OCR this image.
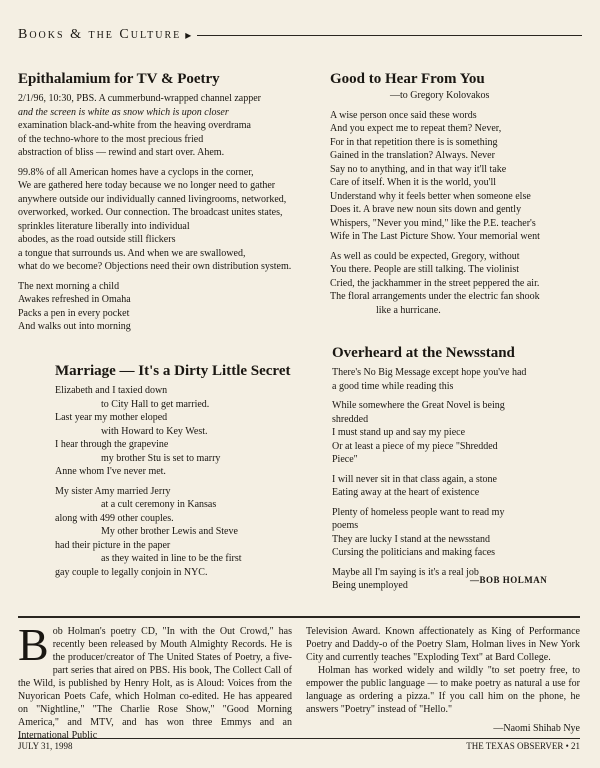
Books & the Culture ▸
Epithalamium for TV & Poetry

2/1/96, 10:30, PBS. A cummerbund-wrapped channel zapper
and the screen is white as snow which is upon closer
examination black-and-white from the heaving overdrama
of the techno-whore to the most precious fried
abstraction of bliss — rewind and start over. Ahem.

99.8% of all American homes have a cyclops in the corner,
We are gathered here today because we no longer need to gather
anywhere outside our individually canned livingrooms, networked,
overworked, worked. Our connection. The broadcast unites states,
sprinkles literature liberally into individual
abodes, as the road outside still flickers
a tongue that surrounds us. And when we are swallowed,
what do we become? Objections need their own distribution system.

The next morning a child
Awakes refreshed in Omaha
Packs a pen in every pocket
And walks out into morning

Good to Hear From You
—to Gregory Kolovakos

A wise person once said these words
And you expect me to repeat them? Never,
For in that repetition there is is something
Gained in the translation? Always. Never
Say no to anything, and in that way it'll take
Care of itself. When it is the world, you'll
Understand why it feels better when someone else
Does it. A brave new noun sits down and gently
Whispers, "Never you mind," like the P.E. teacher's
Wife in The Last Picture Show. Your memorial went

As well as could be expected, Gregory, without
You there. People are still talking. The violinist
Cried, the jackhammer in the street peppered the air.
The floral arrangements under the electric fan shook
like a hurricane.

Marriage — It's a Dirty Little Secret

Elizabeth and I taxied down
to City Hall to get married.
Last year my mother eloped
with Howard to Key West.
I hear through the grapevine
my brother Stu is set to marry
Anne whom I've never met.

My sister Amy married Jerry
at a cult ceremony in Kansas
along with 499 other couples.
My other brother Lewis and Steve
had their picture in the paper
as they waited in line to be the first
gay couple to legally conjoin in NYC.

Overheard at the Newsstand

There's No Big Message except hope you've had
a good time while reading this

While somewhere the Great Novel is being
shredded
I must stand up and say my piece
Or at least a piece of my piece "Shredded
Piece"

I will never sit in that class again, a stone
Eating away at the heart of existence

Plenty of homeless people want to read my
poems
They are lucky I stand at the newsstand
Cursing the politicians and making faces

Maybe all I'm saying is it's a real job
Being unemployed	—BOB HOLMAN
B ob Holman's poetry CD, "In with the Out Crowd," has recently been released by Mouth Almighty Records. He is the producer/creator of The United States of Poetry, a five-part series that aired on PBS. His book, The Collect Call of the Wild, is published by Henry Holt, as is Aloud: Voices from the Nuyorican Poets Cafe, which Holman co-edited. He has appeared on "Nightline," "The Charlie Rose Show," "Good Morning America," and MTV, and has won three Emmys and an International Public

Television Award. Known affectionately as King of Performance Poetry and Daddy-o of the Poetry Slam, Holman lives in New York City and currently teaches "Exploding Text" at Bard College.

Holman has worked widely and wildly "to set poetry free, to empower the public language — to make poetry as natural a use for language as ordering a pizza." If you call him on the phone, he answers "Poetry" instead of "Hello."

—Naomi Shihab Nye

JULY 31, 1998	THE TEXAS OBSERVER • 21
